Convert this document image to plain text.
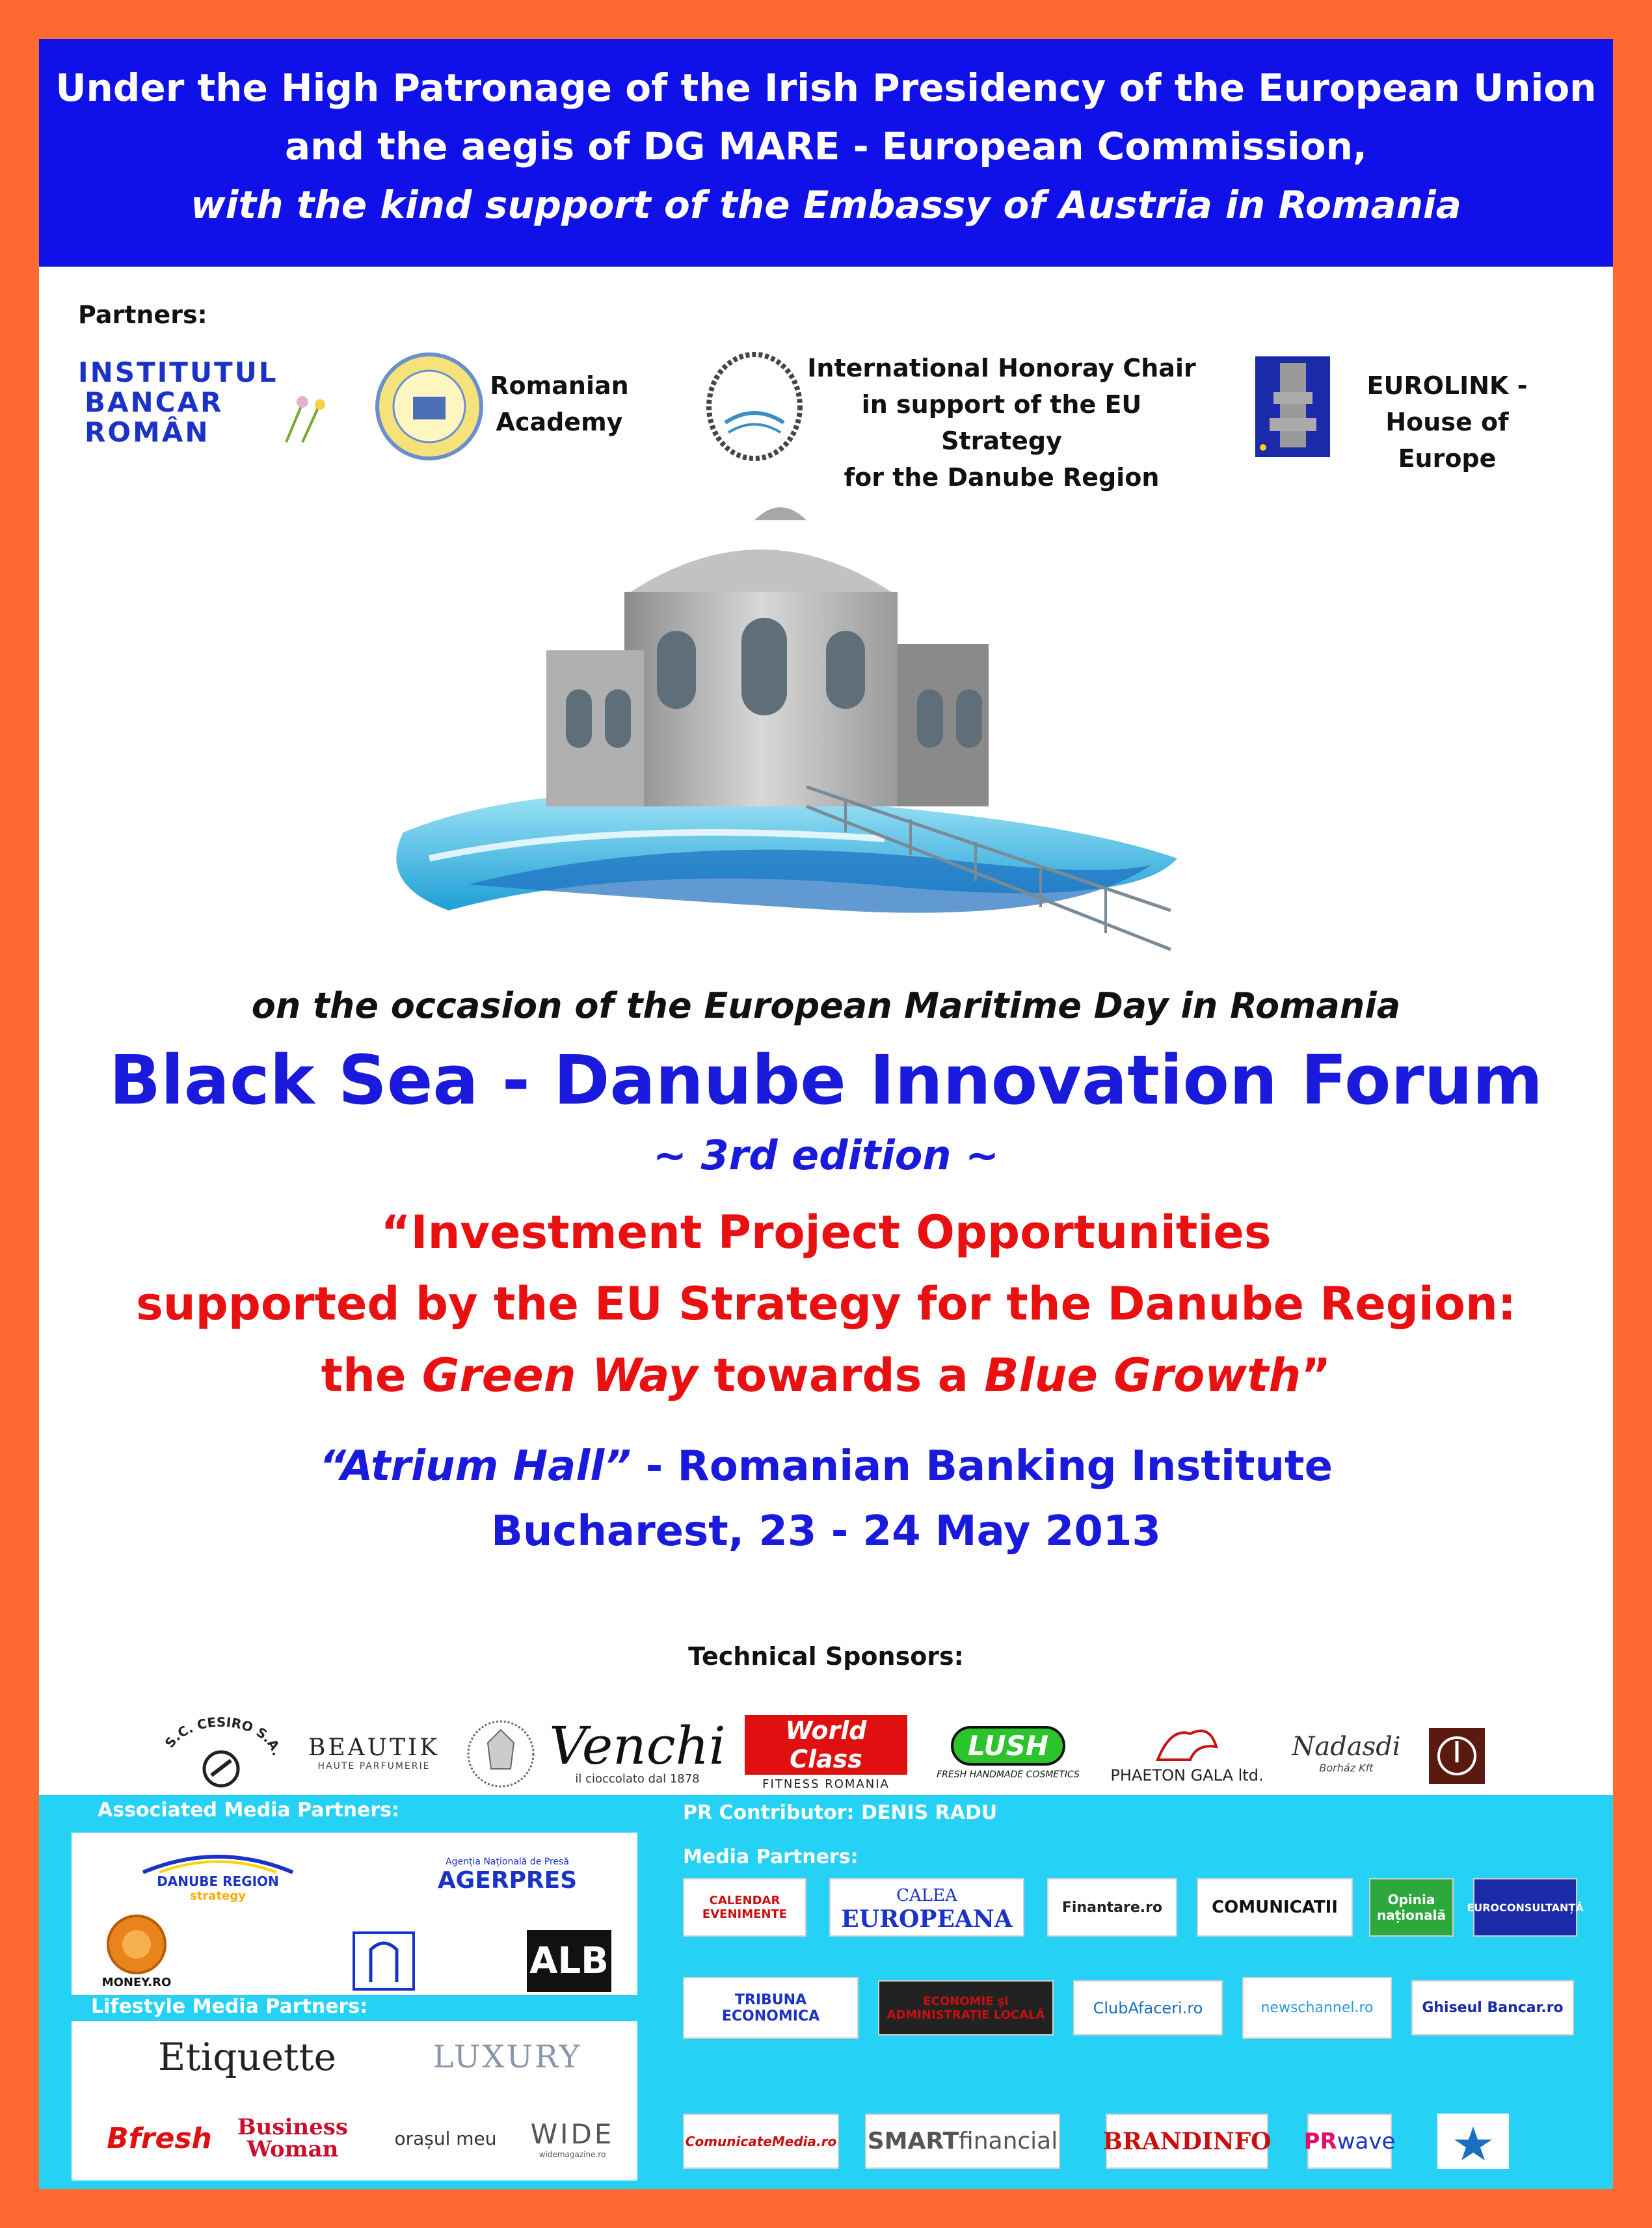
Under the High Patronage of the Irish Presidency of the European Union
and the aegis of DG MARE - European Commission,
with the kind support of the Embassy of Austria in Romania
Partners:
INSTITUTUL
BANCAR
ROMÂN
Romanian
Academy
International Honoray Chair
in support of the EU Strategy
for the Danube Region
EUROLINK -
House of Europe
on the occasion of the European Maritime Day in Romania
Black Sea - Danube Innovation Forum
~ 3rd edition ~
“Investment Project Opportunities
supported by the EU Strategy for the Danube Region:
the Green Way towards a Blue Growth”
“Atrium Hall” - Romanian Banking Institute
Bucharest, 23 - 24 May 2013
Technical Sponsors:
S.C. CESIRO S.A. BEAUTIK
HAUTE PARFUMERIE Venchi
il cioccolato dal 1878
World Class
FITNESS ROMANIA
LUSH
FRESH HANDMADE COSMETICS PHAETON GALA ltd.
Nadasdi
Borház Kft
Associated Media Partners:	PR Contributor: DENIS RADU
Media Partners:
DANUBE REGION
strategy
Agenția Națională de Presă
AGERPRES
MONEY.RO	ALB
Lifestyle Media Partners:
Etiquette	LUXURY
Bfresh Business
Woman	orașul meu	WIDE
widemagazine.ro
CALENDAR EVENIMENTE
CALEA
EUROPEANA	Finantare.ro	COMUNICATII	Opinia națională	EUROCONSULTANȚĂ
TRIBUNA ECONOMICA
ECONOMIE și ADMINISTRAȚIE LOCALĂ	ClubAfaceri.ro	newschannel.ro	Ghiseul Bancar.ro
ComunicateMedia.ro SMART financial BRANDINFO PR wave
